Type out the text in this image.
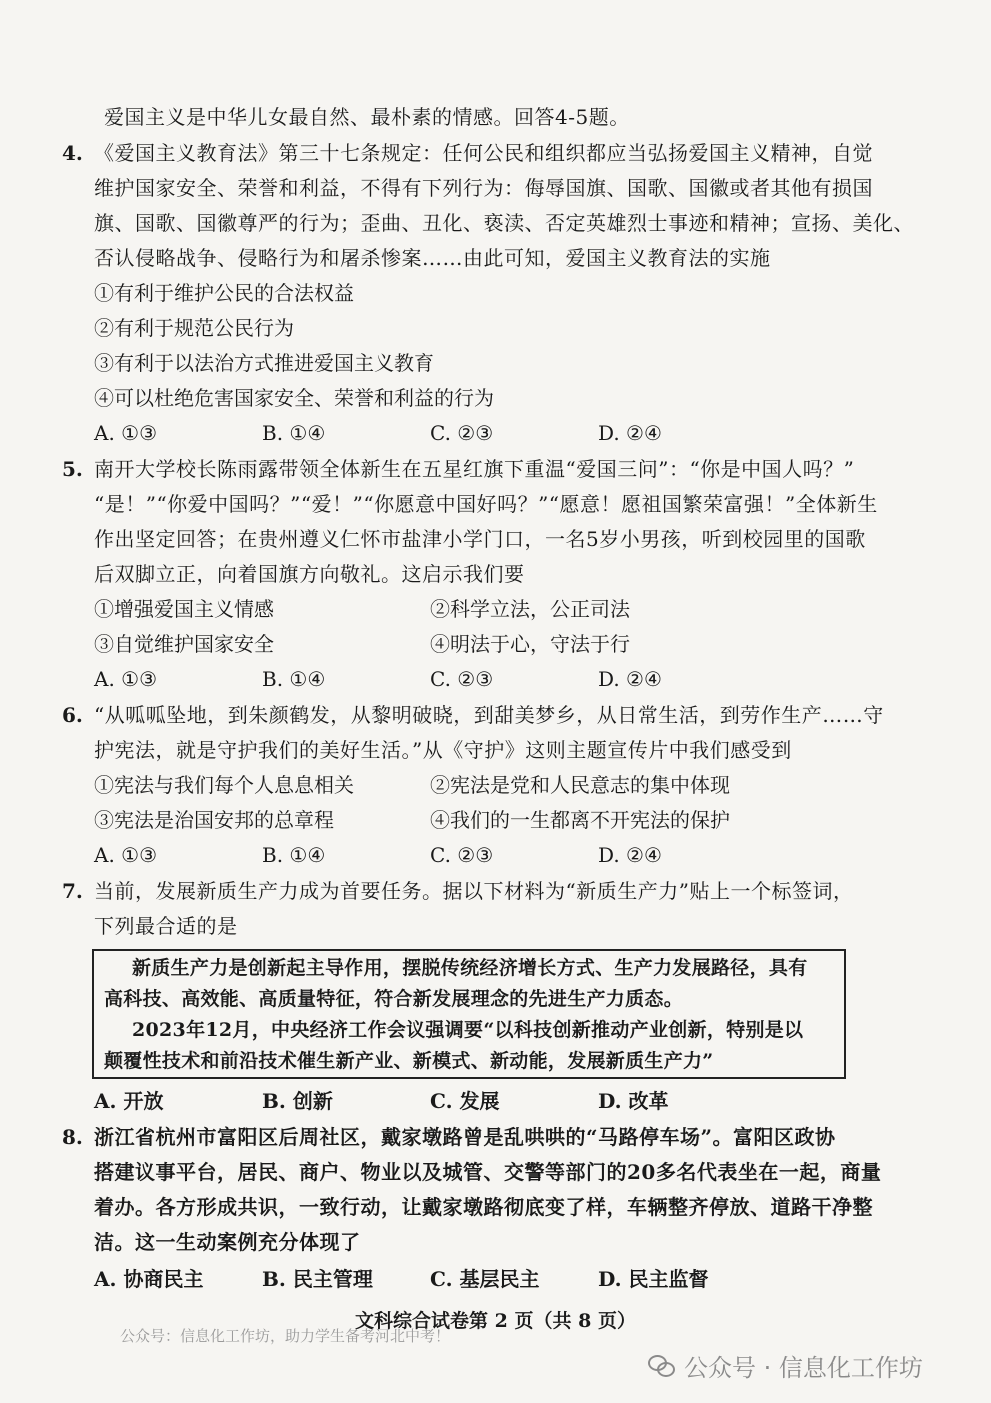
爱国主义是中华儿女最自然、最朴素的情感。回答4-5题。
4. 《爱国主义教育法》第三十七条规定：任何公民和组织都应当弘扬爱国主义精神，自觉
维护国家安全、荣誉和利益，不得有下列行为：侮辱国旗、国歌、国徽或者其他有损国
旗、国歌、国徽尊严的行为；歪曲、丑化、亵渎、否定英雄烈士事迹和精神；宣扬、美化、
否认侵略战争、侵略行为和屠杀惨案……由此可知，爱国主义教育法的实施
①有利于维护公民的合法权益
②有利于规范公民行为
③有利于以法治方式推进爱国主义教育
④可以杜绝危害国家安全、荣誉和利益的行为
A. ①③	B. ①④	C. ②③	D. ②④
5. 南开大学校长陈雨露带领全体新生在五星红旗下重温“爱国三问”：“你是中国人吗？”
“是！”“你爱中国吗？”“爱！”“你愿意中国好吗？”“愿意！愿祖国繁荣富强！”全体新生
作出坚定回答；在贵州遵义仁怀市盐津小学门口，一名5岁小男孩，听到校园里的国歌
后双脚立正，向着国旗方向敬礼。这启示我们要
①增强爱国主义情感	②科学立法，公正司法
③自觉维护国家安全	④明法于心，守法于行
A. ①③	B. ①④	C. ②③	D. ②④
6. “从呱呱坠地，到朱颜鹤发，从黎明破晓，到甜美梦乡，从日常生活，到劳作生产……守
护宪法，就是守护我们的美好生活。”从《守护》这则主题宣传片中我们感受到
①宪法与我们每个人息息相关	②宪法是党和人民意志的集中体现
③宪法是治国安邦的总章程	④我们的一生都离不开宪法的保护
A. ①③	B. ①④	C. ②③	D. ②④
7. 当前，发展新质生产力成为首要任务。据以下材料为“新质生产力”贴上一个标签词，
下列最合适的是
新质生产力是创新起主导作用，摆脱传统经济增长方式、生产力发展路径，具有
高科技、高效能、高质量特征，符合新发展理念的先进生产力质态。
2023年12月，中央经济工作会议强调要“以科技创新推动产业创新，特别是以
颠覆性技术和前沿技术催生新产业、新模式、新动能，发展新质生产力”
A. 开放	B. 创新	C. 发展	D. 改革
8. 浙江省杭州市富阳区后周社区，戴家墩路曾是乱哄哄的“马路停车场”。富阳区政协
搭建议事平台，居民、商户、物业以及城管、交警等部门的20多名代表坐在一起，商量
着办。各方形成共识，一致行动，让戴家墩路彻底变了样，车辆整齐停放、道路干净整
洁。这一生动案例充分体现了
A. 协商民主	B. 民主管理	C. 基层民主	D. 民主监督
文科综合试卷第 2 页（共 8 页）
公众号：信息化工作坊，助力学生备考河北中考！
公众号 · 信息化工作坊
